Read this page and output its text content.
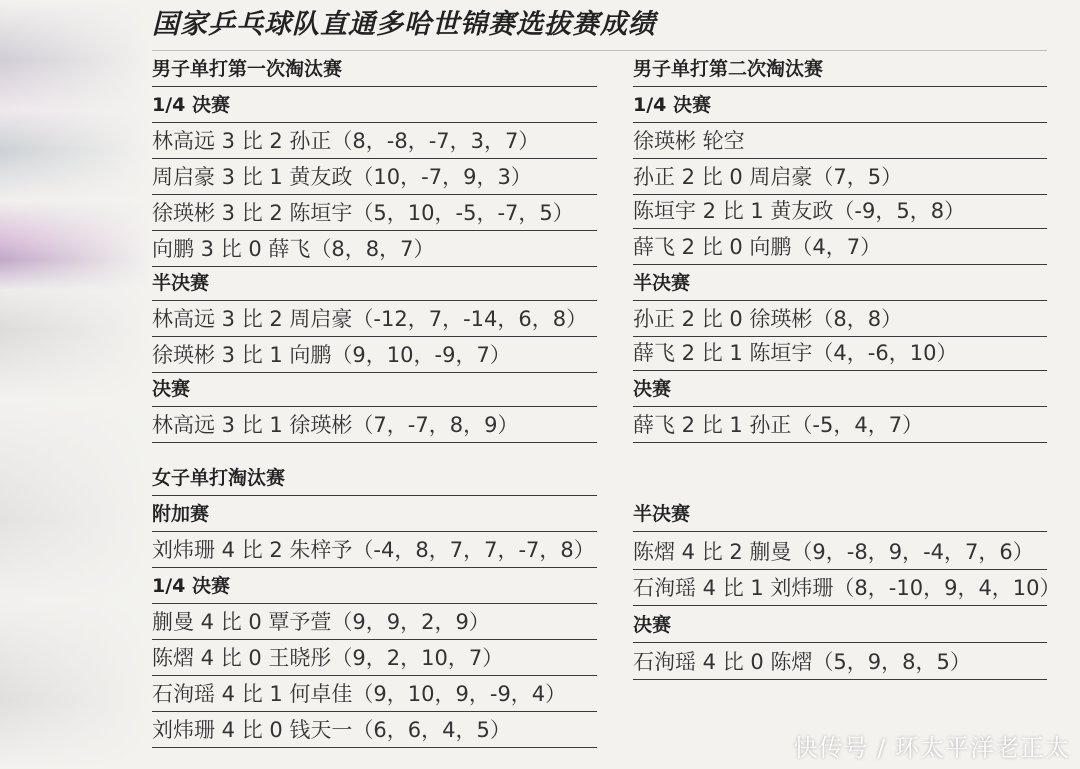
国家乒乓球队直通多哈世锦赛选拔赛成绩
男子单打第一次淘汰赛
1/4 决赛
林高远 3 比 2 孙正（8，-8，-7，3，7）
周启豪 3 比 1 黄友政（10，-7，9，3）
徐瑛彬 3 比 2 陈垣宇（5，10，-5，-7，5）
向鹏 3 比 0 薛飞（8，8，7）
半决赛
林高远 3 比 2 周启豪（-12，7，-14，6，8）
徐瑛彬 3 比 1 向鹏（9，10，-9，7）
决赛
林高远 3 比 1 徐瑛彬（7，-7，8，9）
女子单打淘汰赛
附加赛
刘炜珊 4 比 2 朱梓予（-4，8，7，7，-7，8）
1/4 决赛
蒯曼 4 比 0 覃予萱（9，9，2，9）
陈熠 4 比 0 王晓彤（9，2，10，7）
石洵瑶 4 比 1 何卓佳（9，10，9，-9，4）
刘炜珊 4 比 0 钱天一（6，6，4，5）
男子单打第二次淘汰赛
1/4 决赛
徐瑛彬 轮空
孙正 2 比 0 周启豪（7，5）
陈垣宇 2 比 1 黄友政（-9，5，8）
薛飞 2 比 0 向鹏（4，7）
半决赛
孙正 2 比 0 徐瑛彬（8，8）
薛飞 2 比 1 陈垣宇（4，-6，10）
决赛
薛飞 2 比 1 孙正（-5，4，7）
半决赛
陈熠 4 比 2 蒯曼（9，-8，9，-4，7，6）
石洵瑶 4 比 1 刘炜珊（8，-10，9，4，10）
决赛
石洵瑶 4 比 0 陈熠（5，9，8，5）
快传号 / 环太平洋老正太
